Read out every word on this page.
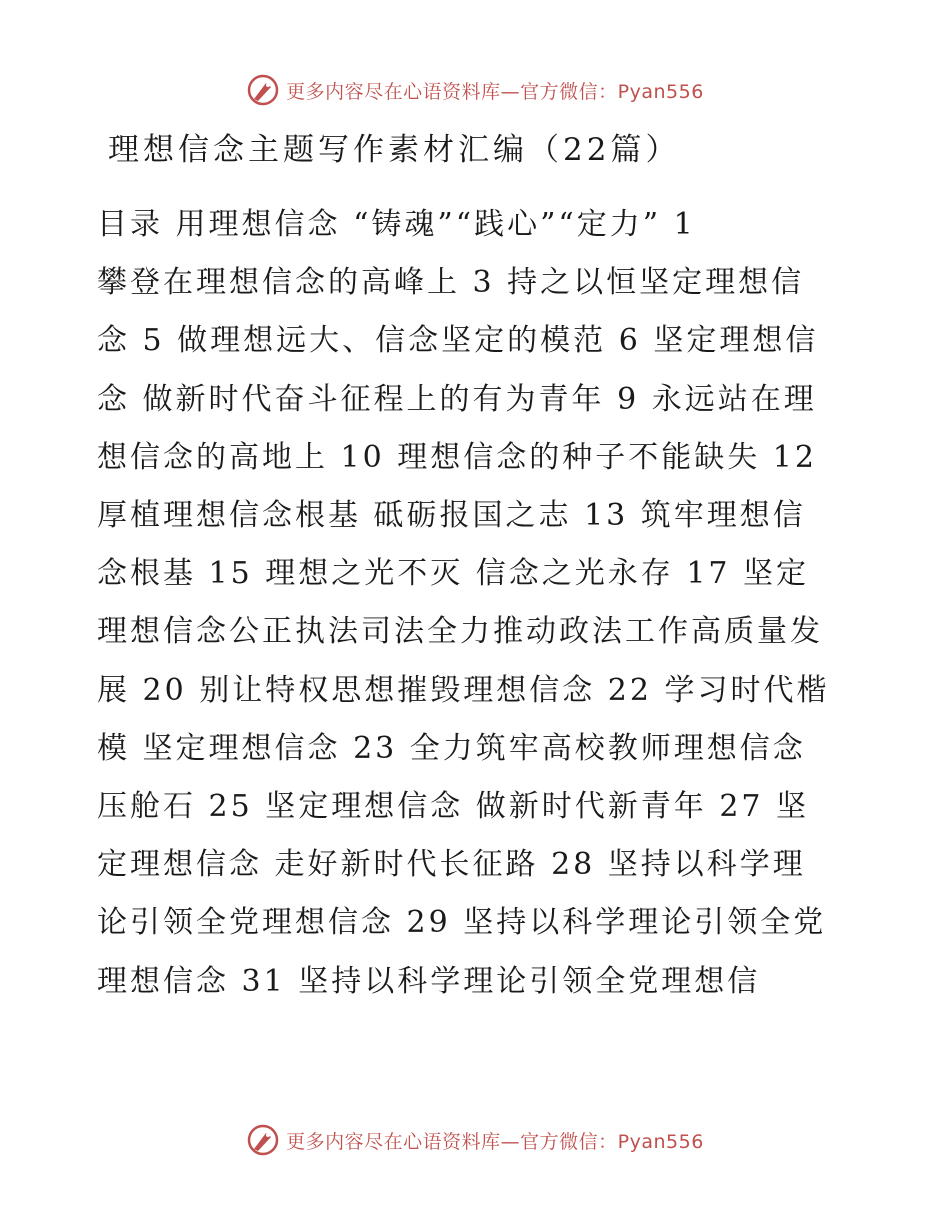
更多内容尽在心语资料库—官方微信：Pyan556
理想信念主题写作素材汇编（22篇）
目录 用理想信念 “铸魂”“践心”“定力” 1
攀登在理想信念的高峰上 3 持之以恒坚定理想信
念 5 做理想远大、信念坚定的模范 6 坚定理想信
念 做新时代奋斗征程上的有为青年 9 永远站在理
想信念的高地上 10 理想信念的种子不能缺失 12
厚植理想信念根基 砥砺报国之志 13 筑牢理想信
念根基 15 理想之光不灭 信念之光永存 17 坚定
理想信念公正执法司法全力推动政法工作高质量发
展 20 别让特权思想摧毁理想信念 22 学习时代楷
模 坚定理想信念 23 全力筑牢高校教师理想信念
压舱石 25 坚定理想信念 做新时代新青年 27 坚
定理想信念 走好新时代长征路 28 坚持以科学理
论引领全党理想信念 29 坚持以科学理论引领全党
理想信念 31 坚持以科学理论引领全党理想信
更多内容尽在心语资料库—官方微信：Pyan556
